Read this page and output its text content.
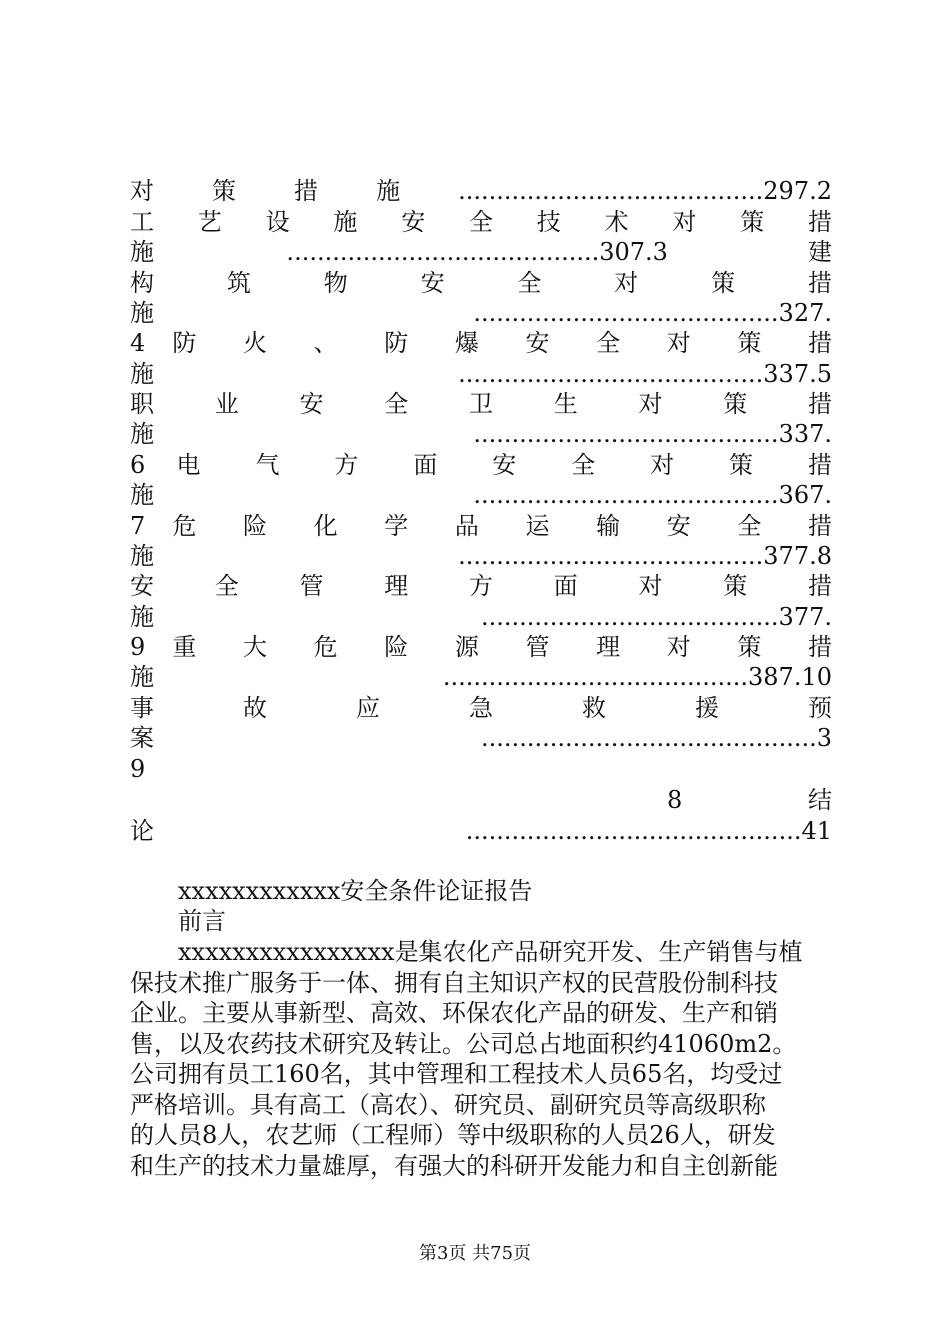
对策措施........................................297.2
工 艺 设 施 安 全 技 术 对 策 措
施.........................................307.3 建
构 筑 物 安 全 对 策 措
施........................................327.
4 防 火 、 防 爆 安 全 对 策 措
施 ........................................337.5
职 业 安 全 卫 生 对 策 措
施........................................337.
6 电 气 方 面 安 全 对 策 措
施........................................367.
7 危 险 化 学 品 运 输 安 全 措
施 ........................................377.8
安 全 管 理 方 面 对 策 措
施 .......................................377.
9 重 大 危 险 源 管 理 对 策 措
施........................................387.10
事 故 应 急 救 援 预
案............................................3
9
8 结
论............................................41
xxxxxxxxxxxx安全条件论证报告
前言
xxxxxxxxxxxxxxxx是集农化产品研究开发、生产销售与植
保技术推广服务于一体、拥有自主知识产权的民营股份制科技
企业。主要从事新型、高效、环保农化产品的研发、生产和销
售，以及农药技术研究及转让。公司总占地面积约41060m2。
公司拥有员工160名，其中管理和工程技术人员65名，均受过
严格培训。具有高工（高农）、研究员、副研究员等高级职称
的人员8人，农艺师（工程师）等中级职称的人员26人，研发
和生产的技术力量雄厚，有强大的科研开发能力和自主创新能
第3页 共75页
